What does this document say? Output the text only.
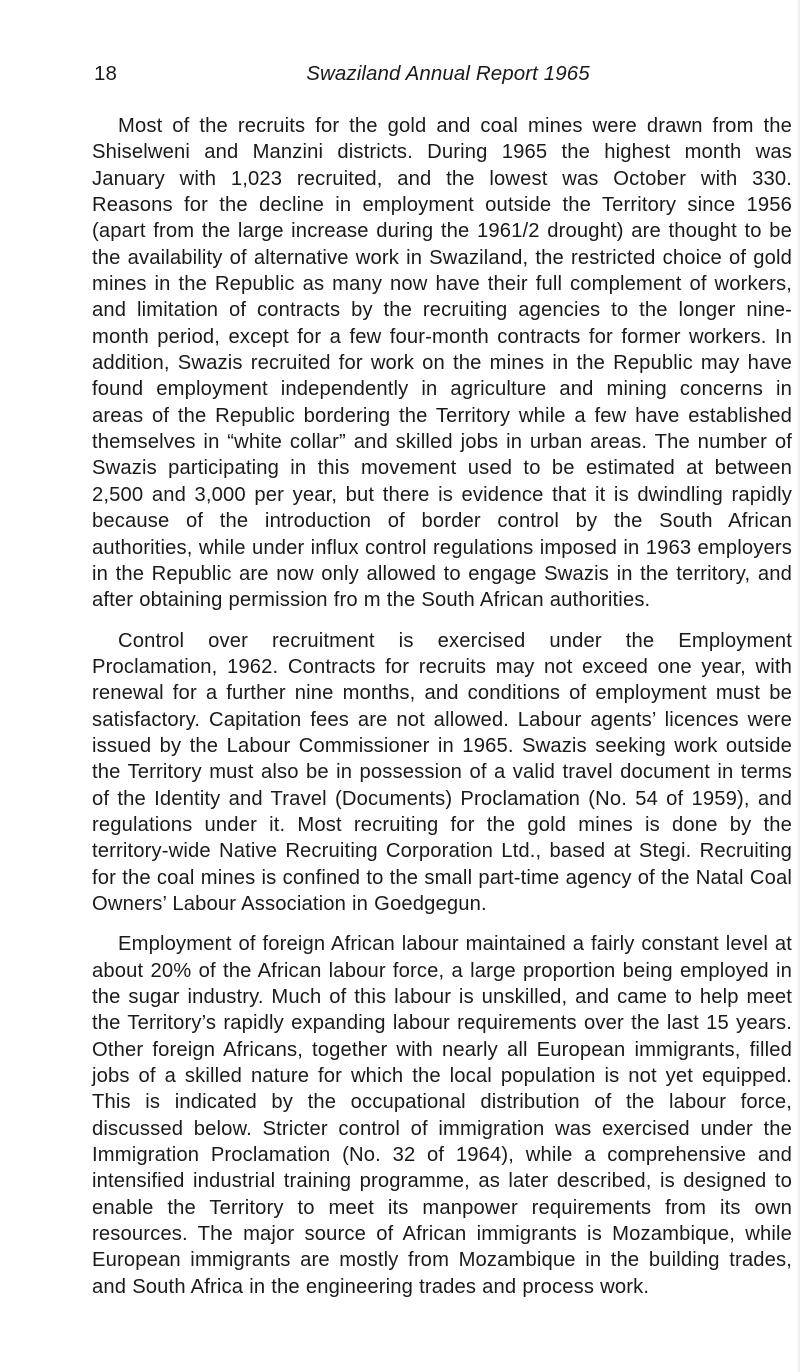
18	Swaziland Annual Report 1965

Most of the recruits for the gold and coal mines were drawn from the Shiselweni and Manzini districts. During 1965 the highest month was January with 1,023 recruited, and the lowest was October with 330. Reasons for the decline in employment outside the Territory since 1956 (apart from the large increase during the 1961/2 drought) are thought to be the availability of alternative work in Swaziland, the restricted choice of gold mines in the Republic as many now have their full complement of workers, and limitation of contracts by the recruiting agencies to the longer nine-month period, except for a few four-month contracts for former workers. In addition, Swazis recruited for work on the mines in the Republic may have found employment independently in agriculture and mining concerns in areas of the Republic bordering the Territory while a few have established themselves in “white collar” and skilled jobs in urban areas. The number of Swazis participating in this movement used to be estimated at between 2,500 and 3,000 per year, but there is evidence that it is dwindling rapidly because of the introduction of border control by the South African authorities, while under influx control regulations imposed in 1963 employers in the Republic are now only allowed to engage Swazis in the territory, and after obtaining permission fro m the South African authorities.

Control over recruitment is exercised under the Employment Proclamation, 1962. Contracts for recruits may not exceed one year, with renewal for a further nine months, and conditions of employment must be satisfactory. Capitation fees are not allowed. Labour agents’ licences were issued by the Labour Commissioner in 1965. Swazis seeking work outside the Territory must also be in possession of a valid travel document in terms of the Identity and Travel (Documents) Proclamation (No. 54 of 1959), and regulations under it. Most recruiting for the gold mines is done by the territory-wide Native Recruiting Corporation Ltd., based at Stegi. Recruiting for the coal mines is confined to the small part-time agency of the Natal Coal Owners’ Labour Association in Goedgegun.

Employment of foreign African labour maintained a fairly constant level at about 20% of the African labour force, a large proportion being employed in the sugar industry. Much of this labour is unskilled, and came to help meet the Territory’s rapidly expanding labour requirements over the last 15 years. Other foreign Africans, together with nearly all European immigrants, filled jobs of a skilled nature for which the local population is not yet equipped. This is indicated by the occupational distribution of the labour force, discussed below. Stricter control of immigration was exercised under the Immigration Proclamation (No. 32 of 1964), while a comprehensive and intensified industrial training programme, as later described, is designed to enable the Territory to meet its manpower requirements from its own resources. The major source of African immigrants is Mozambique, while European immigrants are mostly from Mozambique in the building trades, and South Africa in the engineering trades and process work.
